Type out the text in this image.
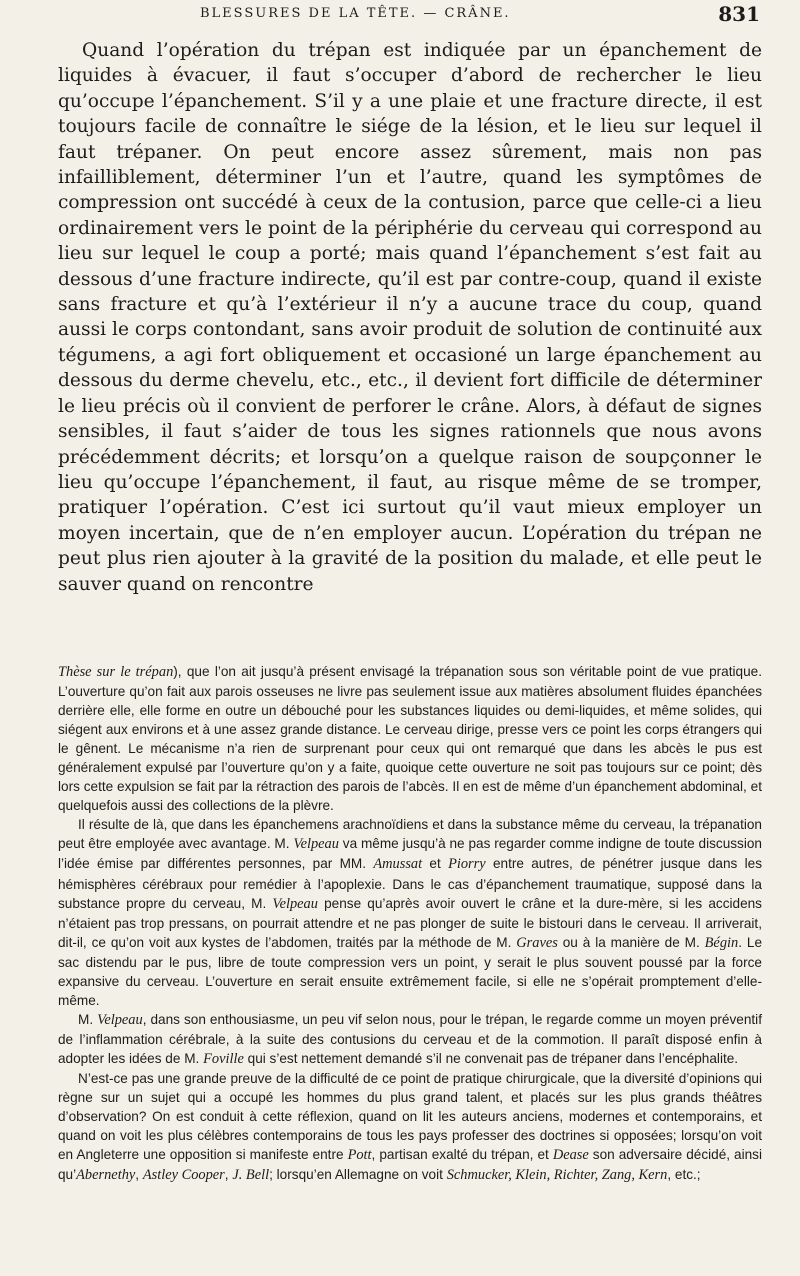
BLESSURES DE LA TÊTE. — CRÂNE.	831

Quand l’opération du trépan est indiquée par un épanchement de liquides à évacuer, il faut s’occuper d’abord de rechercher le lieu qu’occupe l’épanchement. S’il y a une plaie et une fracture directe, il est toujours facile de connaître le siége de la lésion, et le lieu sur lequel il faut trépaner. On peut encore assez sûrement, mais non pas infailliblement, déterminer l’un et l’autre, quand les symptômes de compression ont succédé à ceux de la contusion, parce que celle-ci a lieu ordinairement vers le point de la périphérie du cerveau qui correspond au lieu sur lequel le coup a porté; mais quand l’épanchement s’est fait au dessous d’une fracture indirecte, qu’il est par contre-coup, quand il existe sans fracture et qu’à l’extérieur il n’y a aucune trace du coup, quand aussi le corps contondant, sans avoir produit de solution de continuité aux tégumens, a agi fort obliquement et occasioné un large épanchement au dessous du derme chevelu, etc., etc., il devient fort difficile de déterminer le lieu précis où il convient de perforer le crâne. Alors, à défaut de signes sensibles, il faut s’aider de tous les signes rationnels que nous avons précédemment décrits; et lorsqu’on a quelque raison de soupçonner le lieu qu’occupe l’épanchement, il faut, au risque même de se tromper, pratiquer l’opération. C’est ici surtout qu’il vaut mieux employer un moyen incertain, que de n’en employer aucun. L’opération du trépan ne peut plus rien ajouter à la gravité de la position du malade, et elle peut le sauver quand on rencontre

Thèse sur le trépan), que l’on ait jusqu’à présent envisagé la trépanation sous son véritable point de vue pratique. L’ouverture qu’on fait aux parois osseuses ne livre pas seulement issue aux matières absolument fluides épanchées derrière elle, elle forme en outre un débouché pour les substances liquides ou demi-liquides, et même solides, qui siégent aux environs et à une assez grande distance. Le cerveau dirige, presse vers ce point les corps étrangers qui le gênent. Le mécanisme n’a rien de surprenant pour ceux qui ont remarqué que dans les abcès le pus est généralement expulsé par l’ouverture qu’on y a faite, quoique cette ouverture ne soit pas toujours sur ce point; dès lors cette expulsion se fait par la rétraction des parois de l’abcès. Il en est de même d’un épanchement abdominal, et quelquefois aussi des collections de la plèvre.

Il résulte de là, que dans les épanchemens arachnoïdiens et dans la substance même du cerveau, la trépanation peut être employée avec avantage. M. Velpeau va même jusqu’à ne pas regarder comme indigne de toute discussion l’idée émise par différentes personnes, par MM. Amussat et Piorry entre autres, de pénétrer jusque dans les hémisphères cérébraux pour remédier à l’apoplexie. Dans le cas d’épanchement traumatique, supposé dans la substance propre du cerveau, M. Velpeau pense qu’après avoir ouvert le crâne et la dure-mère, si les accidens n’étaient pas trop pressans, on pourrait attendre et ne pas plonger de suite le bistouri dans le cerveau. Il arriverait, dit-il, ce qu’on voit aux kystes de l’abdomen, traités par la méthode de M. Graves ou à la manière de M. Bégin. Le sac distendu par le pus, libre de toute compression vers un point, y serait le plus souvent poussé par la force expansive du cerveau. L’ouverture en serait ensuite extrêmement facile, si elle ne s’opérait promptement d’elle-même.

M. Velpeau, dans son enthousiasme, un peu vif selon nous, pour le trépan, le regarde comme un moyen préventif de l’inflammation cérébrale, à la suite des contusions du cerveau et de la commotion. Il paraît disposé enfin à adopter les idées de M. Foville qui s’est nettement demandé s’il ne convenait pas de trépaner dans l’encéphalite.

N’est-ce pas une grande preuve de la difficulté de ce point de pratique chirurgicale, que la diversité d’opinions qui règne sur un sujet qui a occupé les hommes du plus grand talent, et placés sur les plus grands théâtres d’observation? On est conduit à cette réflexion, quand on lit les auteurs anciens, modernes et contemporains, et quand on voit les plus célèbres contemporains de tous les pays professer des doctrines si opposées; lorsqu’on voit en Angleterre une opposition si manifeste entre Pott, partisan exalté du trépan, et Dease son adversaire décidé, ainsi qu’Abernethy, Astley Cooper, J. Bell; lorsqu’en Allemagne on voit Schmucker, Klein, Richter, Zang, Kern, etc.;
